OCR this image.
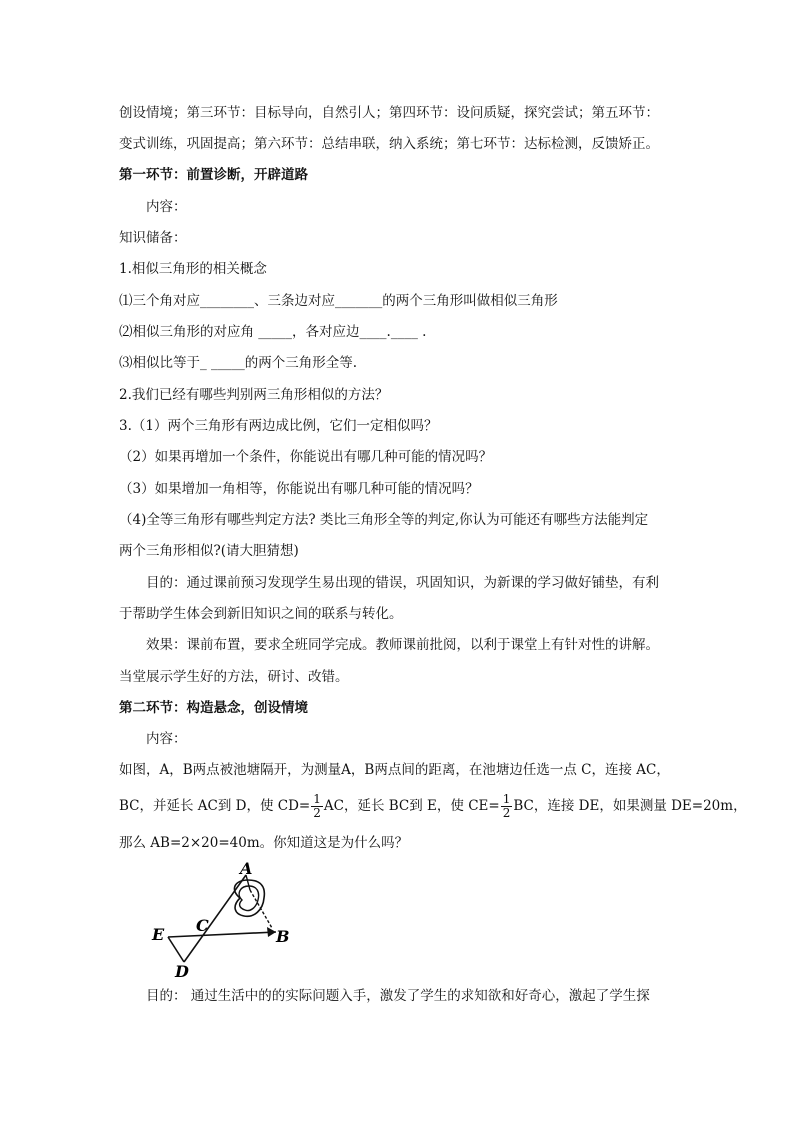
创设情境；第三环节：目标导向，自然引人；第四环节：设问质疑，探究尝试；第五环节：
变式训练，巩固提高；第六环节：总结串联，纳入系统；第七环节：达标检测，反馈矫正。
第一环节：前置诊断，开辟道路
内容：
知识储备：
1.相似三角形的相关概念
⑴三个角对应________、三条边对应_______的两个三角形叫做相似三角形
⑵相似三角形的对应角 _____，各对应边____.____ .
⑶相似比等于_ _____的两个三角形全等.
2.我们已经有哪些判别两三角形相似的方法？
3.（1）两个三角形有两边成比例，它们一定相似吗？
（2）如果再增加一个条件，你能说出有哪几种可能的情况吗？
（3）如果增加一角相等，你能说出有哪几种可能的情况吗？
（4)全等三角形有哪些判定方法? 类比三角形全等的判定,你认为可能还有哪些方法能判定
两个三角形相似?(请大胆猜想)
目的：通过课前预习发现学生易出现的错误，巩固知识，为新课的学习做好铺垫，有利
于帮助学生体会到新旧知识之间的联系与转化。
效果：课前布置，要求全班同学完成。教师课前批阅，以利于课堂上有针对性的讲解。
当堂展示学生好的方法，研讨、改错。
第二环节：构造悬念，创设情境
内容：
如图，A，B两点被池塘隔开，为测量A，B两点间的距离，在池塘边任选一点 C，连接 AC，
BC，并延长 AC到 D，使 $CD= \frac{1}{2}$ AC，延长 BC到 E，使 $CE= \frac{1}{2}$ BC，连接 DE，如果测量 DE=20m，
那么 AB=2×20=40m。你知道这是为什么吗？
A
B
C
D
E
目的： 通过生活中的的实际问题入手，激发了学生的求知欲和好奇心，激起了学生探
